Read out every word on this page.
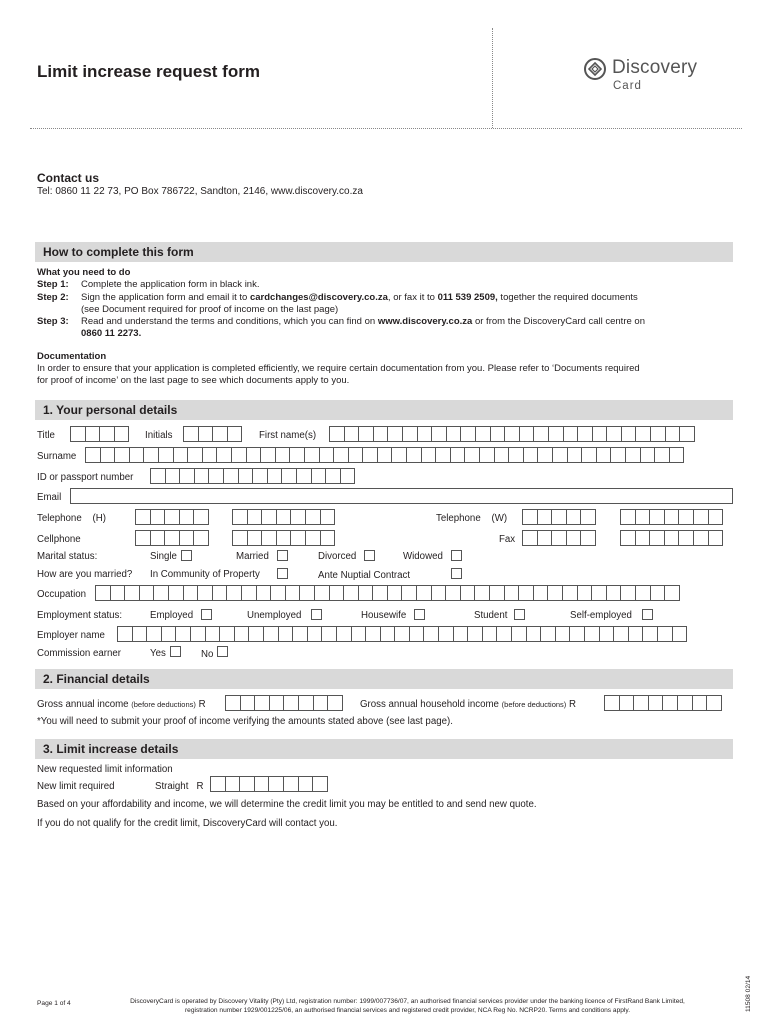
Limit increase request form	Discovery
Card
Contact us
Tel: 0860 11 22 73, PO Box 786722, Sandton, 2146, www.discovery.co.za
How to complete this form
What you need to do
Step 1:	Complete the application form in black ink.
Step 2:	Sign the application form and email it to cardchanges@discovery.co.za, or fax it to 011 539 2509, together the required documents
(see Document required for proof of income on the last page)
Step 3:	Read and understand the terms and conditions, which you can find on www.discovery.co.za or from the DiscoveryCard call centre on
0860 11 2273.
Documentation
In order to ensure that your application is completed efficiently, we require certain documentation from you. Please refer to ‘Documents required
for proof of income’ on the last page to see which documents apply to you.
1. Your personal details
Title	Initials	First name(s)
Surname
ID or passport number
Email
Telephone (H)	Telephone (W)
Cellphone	Fax
Marital status:	Single	Married	Divorced	Widowed
How are you married? In Community of Property	Ante Nuptial Contract
Occupation
Employment status:	Employed	Unemployed	Housewife	Student	Self-employed
Employer name
Commission earner	Yes	No
2. Financial details
Gross annual income (before deductions) R	Gross annual household income (before deductions) R
*You will need to submit your proof of income verifying the amounts stated above (see last page).
3. Limit increase details
New requested limit information
New limit required	Straight R
Based on your affordability and income, we will determine the credit limit you may be entitled to and send new quote.
If you do not qualify for the credit limit, DiscoveryCard will contact you.
Page 1 of 4	DiscoveryCard is operated by Discovery Vitality (Pty) Ltd, registration number: 1999/007736/07, an authorised financial services provider under the banking licence of FirstRand Bank Limited,
registration number 1929/001225/06, an authorised financial services and registered credit provider, NCA Reg No. NCRP20. Terms and conditions apply.	11508 02/14
